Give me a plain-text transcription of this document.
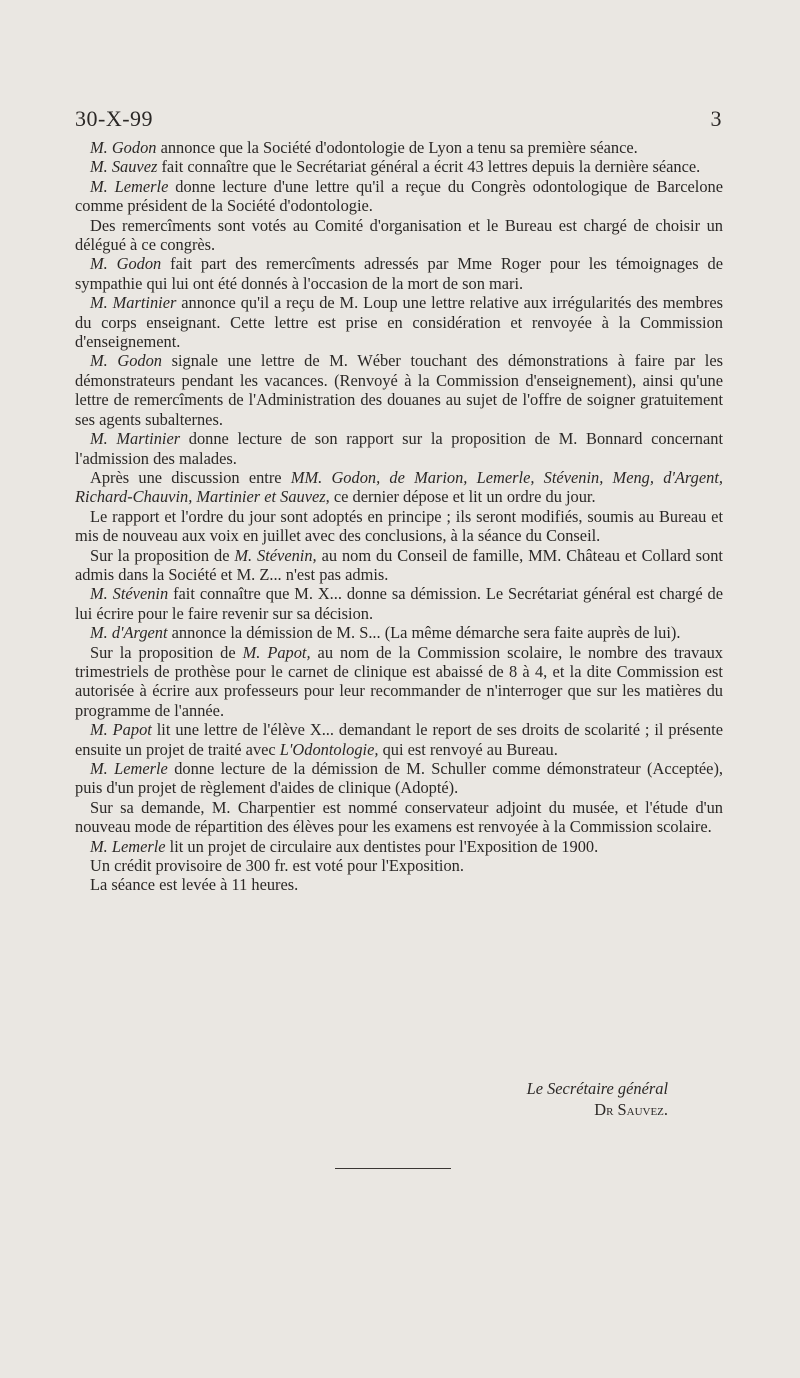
30-X-99	3

M. Godon annonce que la Société d'odontologie de Lyon a tenu sa première séance.

M. Sauvez fait connaître que le Secrétariat général a écrit 43 lettres depuis la dernière séance.

M. Lemerle donne lecture d'une lettre qu'il a reçue du Congrès odontologique de Barcelone comme président de la Société d'odontologie.

Des remercîments sont votés au Comité d'organisation et le Bureau est chargé de choisir un délégué à ce congrès.

M. Godon fait part des remercîments adressés par Mme Roger pour les témoignages de sympathie qui lui ont été donnés à l'occasion de la mort de son mari.

M. Martinier annonce qu'il a reçu de M. Loup une lettre relative aux irrégularités des membres du corps enseignant. Cette lettre est prise en considération et renvoyée à la Commission d'enseignement.

M. Godon signale une lettre de M. Wéber touchant des démonstrations à faire par les démonstrateurs pendant les vacances. (Renvoyé à la Commission d'enseignement), ainsi qu'une lettre de remercîments de l'Administration des douanes au sujet de l'offre de soigner gratuitement ses agents subalternes.

M. Martinier donne lecture de son rapport sur la proposition de M. Bonnard concernant l'admission des malades.

Après une discussion entre MM. Godon, de Marion, Lemerle, Stévenin, Meng, d'Argent, Richard-Chauvin, Martinier et Sauvez, ce dernier dépose et lit un ordre du jour.

Le rapport et l'ordre du jour sont adoptés en principe ; ils seront modifiés, soumis au Bureau et mis de nouveau aux voix en juillet avec des conclusions, à la séance du Conseil.

Sur la proposition de M. Stévenin, au nom du Conseil de famille, MM. Château et Collard sont admis dans la Société et M. Z... n'est pas admis.

M. Stévenin fait connaître que M. X... donne sa démission. Le Secrétariat général est chargé de lui écrire pour le faire revenir sur sa décision.

M. d'Argent annonce la démission de M. S... (La même démarche sera faite auprès de lui).

Sur la proposition de M. Papot, au nom de la Commission scolaire, le nombre des travaux trimestriels de prothèse pour le carnet de clinique est abaissé de 8 à 4, et la dite Commission est autorisée à écrire aux professeurs pour leur recommander de n'interroger que sur les matières du programme de l'année.

M. Papot lit une lettre de l'élève X... demandant le report de ses droits de scolarité ; il présente ensuite un projet de traité avec L'Odontologie, qui est renvoyé au Bureau.

M. Lemerle donne lecture de la démission de M. Schuller comme démonstrateur (Acceptée), puis d'un projet de règlement d'aides de clinique (Adopté).

Sur sa demande, M. Charpentier est nommé conservateur adjoint du musée, et l'étude d'un nouveau mode de répartition des élèves pour les examens est renvoyée à la Commission scolaire.

M. Lemerle lit un projet de circulaire aux dentistes pour l'Exposition de 1900.

Un crédit provisoire de 300 fr. est voté pour l'Exposition.

La séance est levée à 11 heures.

Le Secrétaire général
Dr Sauvez.
